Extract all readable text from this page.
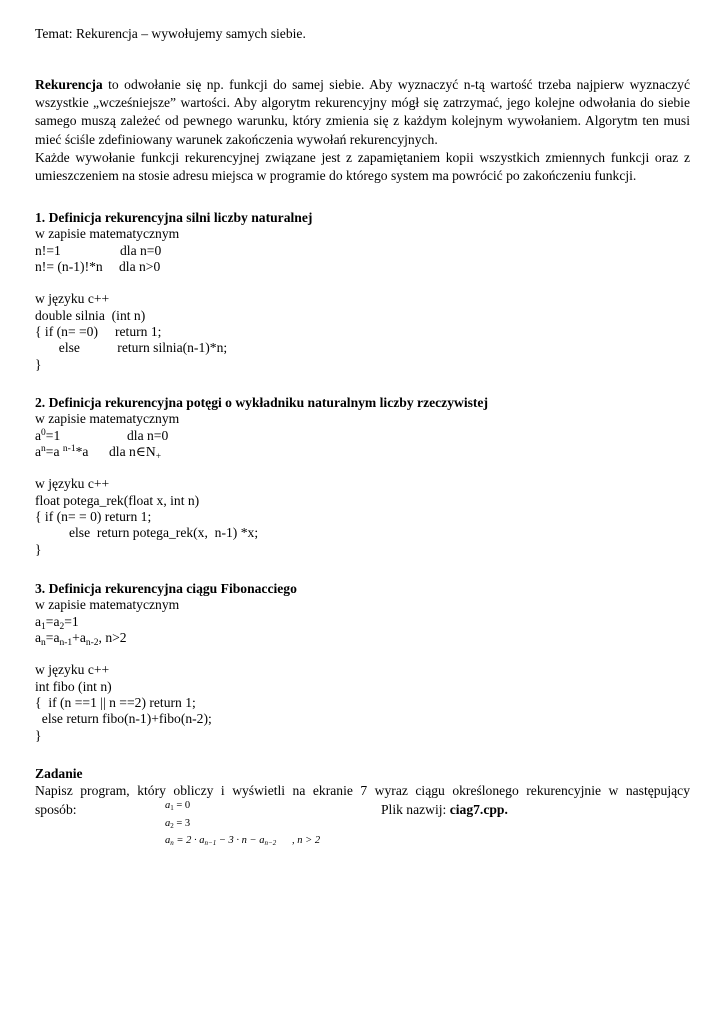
Temat: Rekurencja – wywołujemy samych siebie.
Rekurencja to odwołanie się np. funkcji do samej siebie. Aby wyznaczyć n-tą wartość trzeba najpierw wyznaczyć wszystkie „wcześniejsze” wartości. Aby algorytm rekurencyjny mógł się zatrzymać, jego kolejne odwołania do siebie samego muszą zależeć od pewnego warunku, który zmienia się z każdym kolejnym wywołaniem. Algorytm ten musi mieć ściśle zdefiniowany warunek zakończenia wywołań rekurencyjnych.
Każde wywołanie funkcji rekurencyjnej związane jest z zapamiętaniem kopii wszystkich zmiennych funkcji oraz z umieszczeniem na stosie adresu miejsca w programie do którego system ma powrócić po zakończeniu funkcji.
1. Definicja rekurencyjna silni liczby naturalnej
w zapisie matematycznym
n!=1	dla n=0
n!= (n-1)!*n dla n>0

w języku c++
double silnia  (int n)
{ if (n= =0)     return 1;
else           return silnia(n-1)*n;
}
2. Definicja rekurencyjna potęgi o wykładniku naturalnym liczby rzeczywistej
w zapisie matematycznym
$a^0=1$	dla n=0
$a^n=a$ $^{n-1}$*a dla $n\in N_+$

w języku c++
float potega_rek(float x, int n)
{ if (n= = 0) return 1;
else  return potega_rek(x,  n-1) *x;
}
3. Definicja rekurencyjna ciągu Fibonacciego
w zapisie matematycznym
$a_1=a_2=1$
$a_n=a_{n-1}+a_{n-2}$, n>2

w języku c++
int fibo (int n)
{  if (n ==1 || n ==2) return 1;
else return fibo(n-1)+fibo(n-2);
}
Zadanie
Napisz program, który obliczy i wyświetli na ekranie 7 wyraz ciągu określonego rekurencyjnie w następujący
sposób:	Plik nazwij: ciag7.cpp.
$a_1 = 0$
$a_2 = 3$
$a_n = 2 \cdot a_{n-1} - 3 \cdot n - a_{n-2}$      , n > 2
